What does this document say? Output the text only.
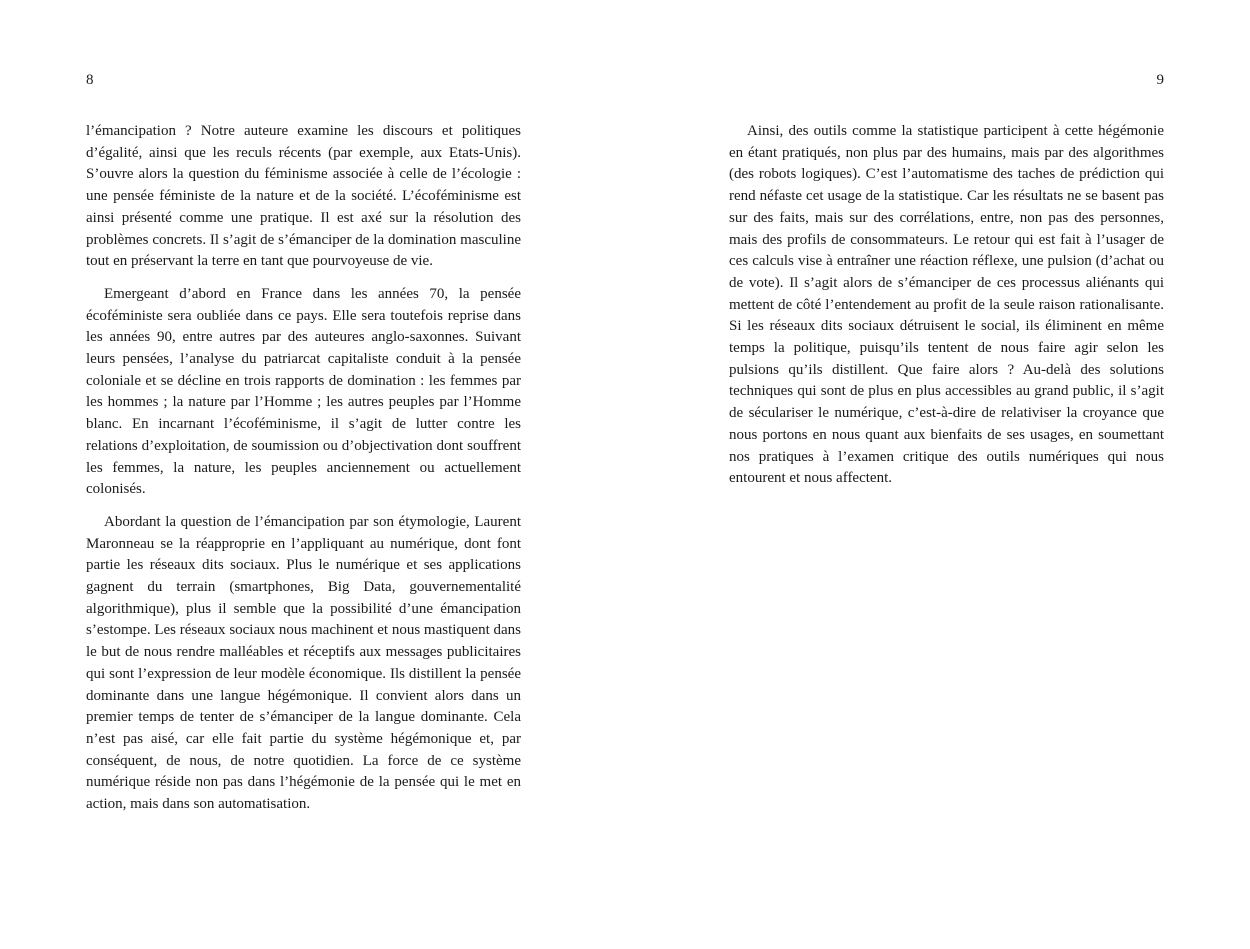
8

l’émancipation ? Notre auteure examine les discours et politiques d’égalité, ainsi que les reculs récents (par exemple, aux Etats-Unis). S’ouvre alors la question du féminisme associée à celle de l’écologie : une pensée féministe de la nature et de la société. L’écoféminisme est ainsi présenté comme une pratique. Il est axé sur la résolution des problèmes concrets. Il s’agit de s’émanciper de la domination masculine tout en préservant la terre en tant que pourvoyeuse de vie.

Emergeant d’abord en France dans les années 70, la pensée écoféministe sera oubliée dans ce pays. Elle sera toutefois reprise dans les années 90, entre autres par des auteures anglo-saxonnes. Suivant leurs pensées, l’analyse du patriarcat capitaliste conduit à la pensée coloniale et se décline en trois rapports de domination : les femmes par les hommes ; la nature par l’Homme ; les autres peuples par l’Homme blanc. En incarnant l’écoféminisme, il s’agit de lutter contre les relations d’exploitation, de soumission ou d’objectivation dont souffrent les femmes, la nature, les peuples anciennement ou actuellement colonisés.

Abordant la question de l’émancipation par son étymologie, Laurent Maronneau se la réapproprie en l’appliquant au numérique, dont font partie les réseaux dits sociaux. Plus le numérique et ses applications gagnent du terrain (smartphones, Big Data, gouvernementalité algorithmique), plus il semble que la possibilité d’une émancipation s’estompe. Les réseaux sociaux nous machinent et nous mastiquent dans le but de nous rendre malléables et réceptifs aux messages publicitaires qui sont l’expression de leur modèle économique. Ils distillent la pensée dominante dans une langue hégémonique. Il convient alors dans un premier temps de tenter de s’émanciper de la langue dominante. Cela n’est pas aisé, car elle fait partie du système hégémonique et, par conséquent, de nous, de notre quotidien. La force de ce système numérique réside non pas dans l’hégémonie de la pensée qui le met en action, mais dans son automatisation.

9

Ainsi, des outils comme la statistique participent à cette hégémonie en étant pratiqués, non plus par des humains, mais par des algorithmes (des robots logiques). C’est l’automatisme des taches de prédiction qui rend néfaste cet usage de la statistique. Car les résultats ne se basent pas sur des faits, mais sur des corrélations, entre, non pas des personnes, mais des profils de consommateurs. Le retour qui est fait à l’usager de ces calculs vise à entraîner une réaction réflexe, une pulsion (d’achat ou de vote). Il s’agit alors de s’émanciper de ces processus aliénants qui mettent de côté l’entendement au profit de la seule raison rationalisante. Si les réseaux dits sociaux détruisent le social, ils éliminent en même temps la politique, puisqu’ils tentent de nous faire agir selon les pulsions qu’ils distillent. Que faire alors ? Au-delà des solutions techniques qui sont de plus en plus accessibles au grand public, il s’agit de séculariser le numérique, c’est-à-dire de relativiser la croyance que nous portons en nous quant aux bienfaits de ses usages, en soumettant nos pratiques à l’examen critique des outils numériques qui nous entourent et nous affectent.
